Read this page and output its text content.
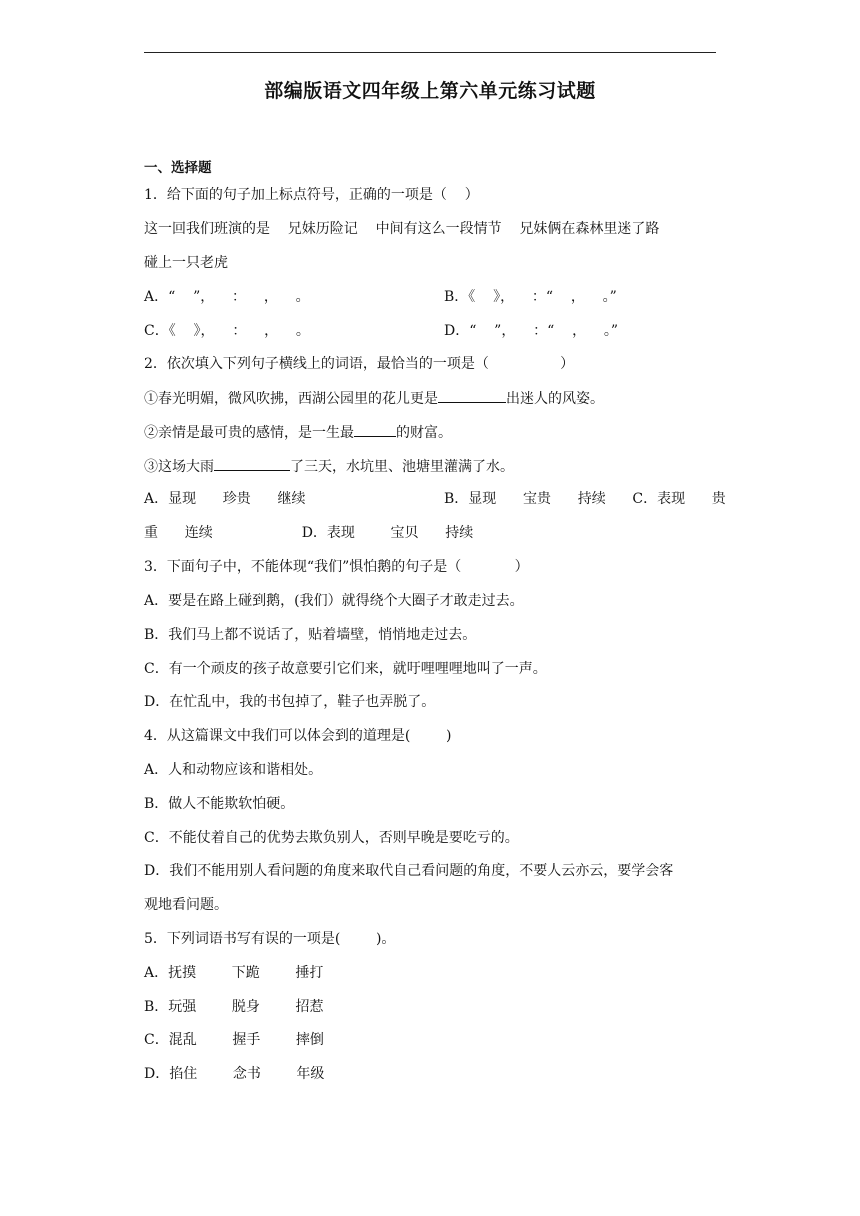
部编版语文四年级上第六单元练习试题
一、选择题
1．给下面的句子加上标点符号，正确的一项是（    ）
这一回我们班演的是    兄妹历险记    中间有这么一段情节    兄妹俩在森林里迷了路
碰上一只老虎
A．“    ”，    ：    ，    。	B．《    》，    ：“    ，    。”
C．《    》，    ：    ，    。	D．“    ”，    ：“    ，    。”
2．依次填入下列句子横线上的词语，最恰当的一项是（                ）
①春光明媚，微风吹拂，西湖公园里的花儿更是	出迷人的风姿。
②亲情是最可贵的感情，是一生最	的财富。
③这场大雨	了三天，水坑里、池塘里灌满了水。
A．显现      珍贵      继续	B．显现      宝贵      持续      C．表现      贵
重      连续                    D．表现        宝贝      持续
3．下面句子中，不能体现“我们”惧怕鹅的句子是（            ）
A．要是在路上碰到鹅，(我们）就得绕个大圈子才敢走过去。
B．我们马上都不说话了，贴着墙壁，悄悄地走过去。
C．有一个顽皮的孩子故意要引它们来，就吁哩哩哩地叫了一声。
D．在忙乱中，我的书包掉了，鞋子也弄脱了。
4．从这篇课文中我们可以体会到的道理是(        )
A．人和动物应该和谐相处。
B．做人不能欺软怕硬。
C．不能仗着自己的优势去欺负别人，否则早晚是要吃亏的。
D．我们不能用别人看问题的角度来取代自己看问题的角度，不要人云亦云，要学会客
观地看问题。
5．下列词语书写有误的一项是(        )。
A．抚摸        下跪        捶打
B．玩强        脱身        招惹
C．混乱        握手        摔倒
D．掐住        念书        年级
